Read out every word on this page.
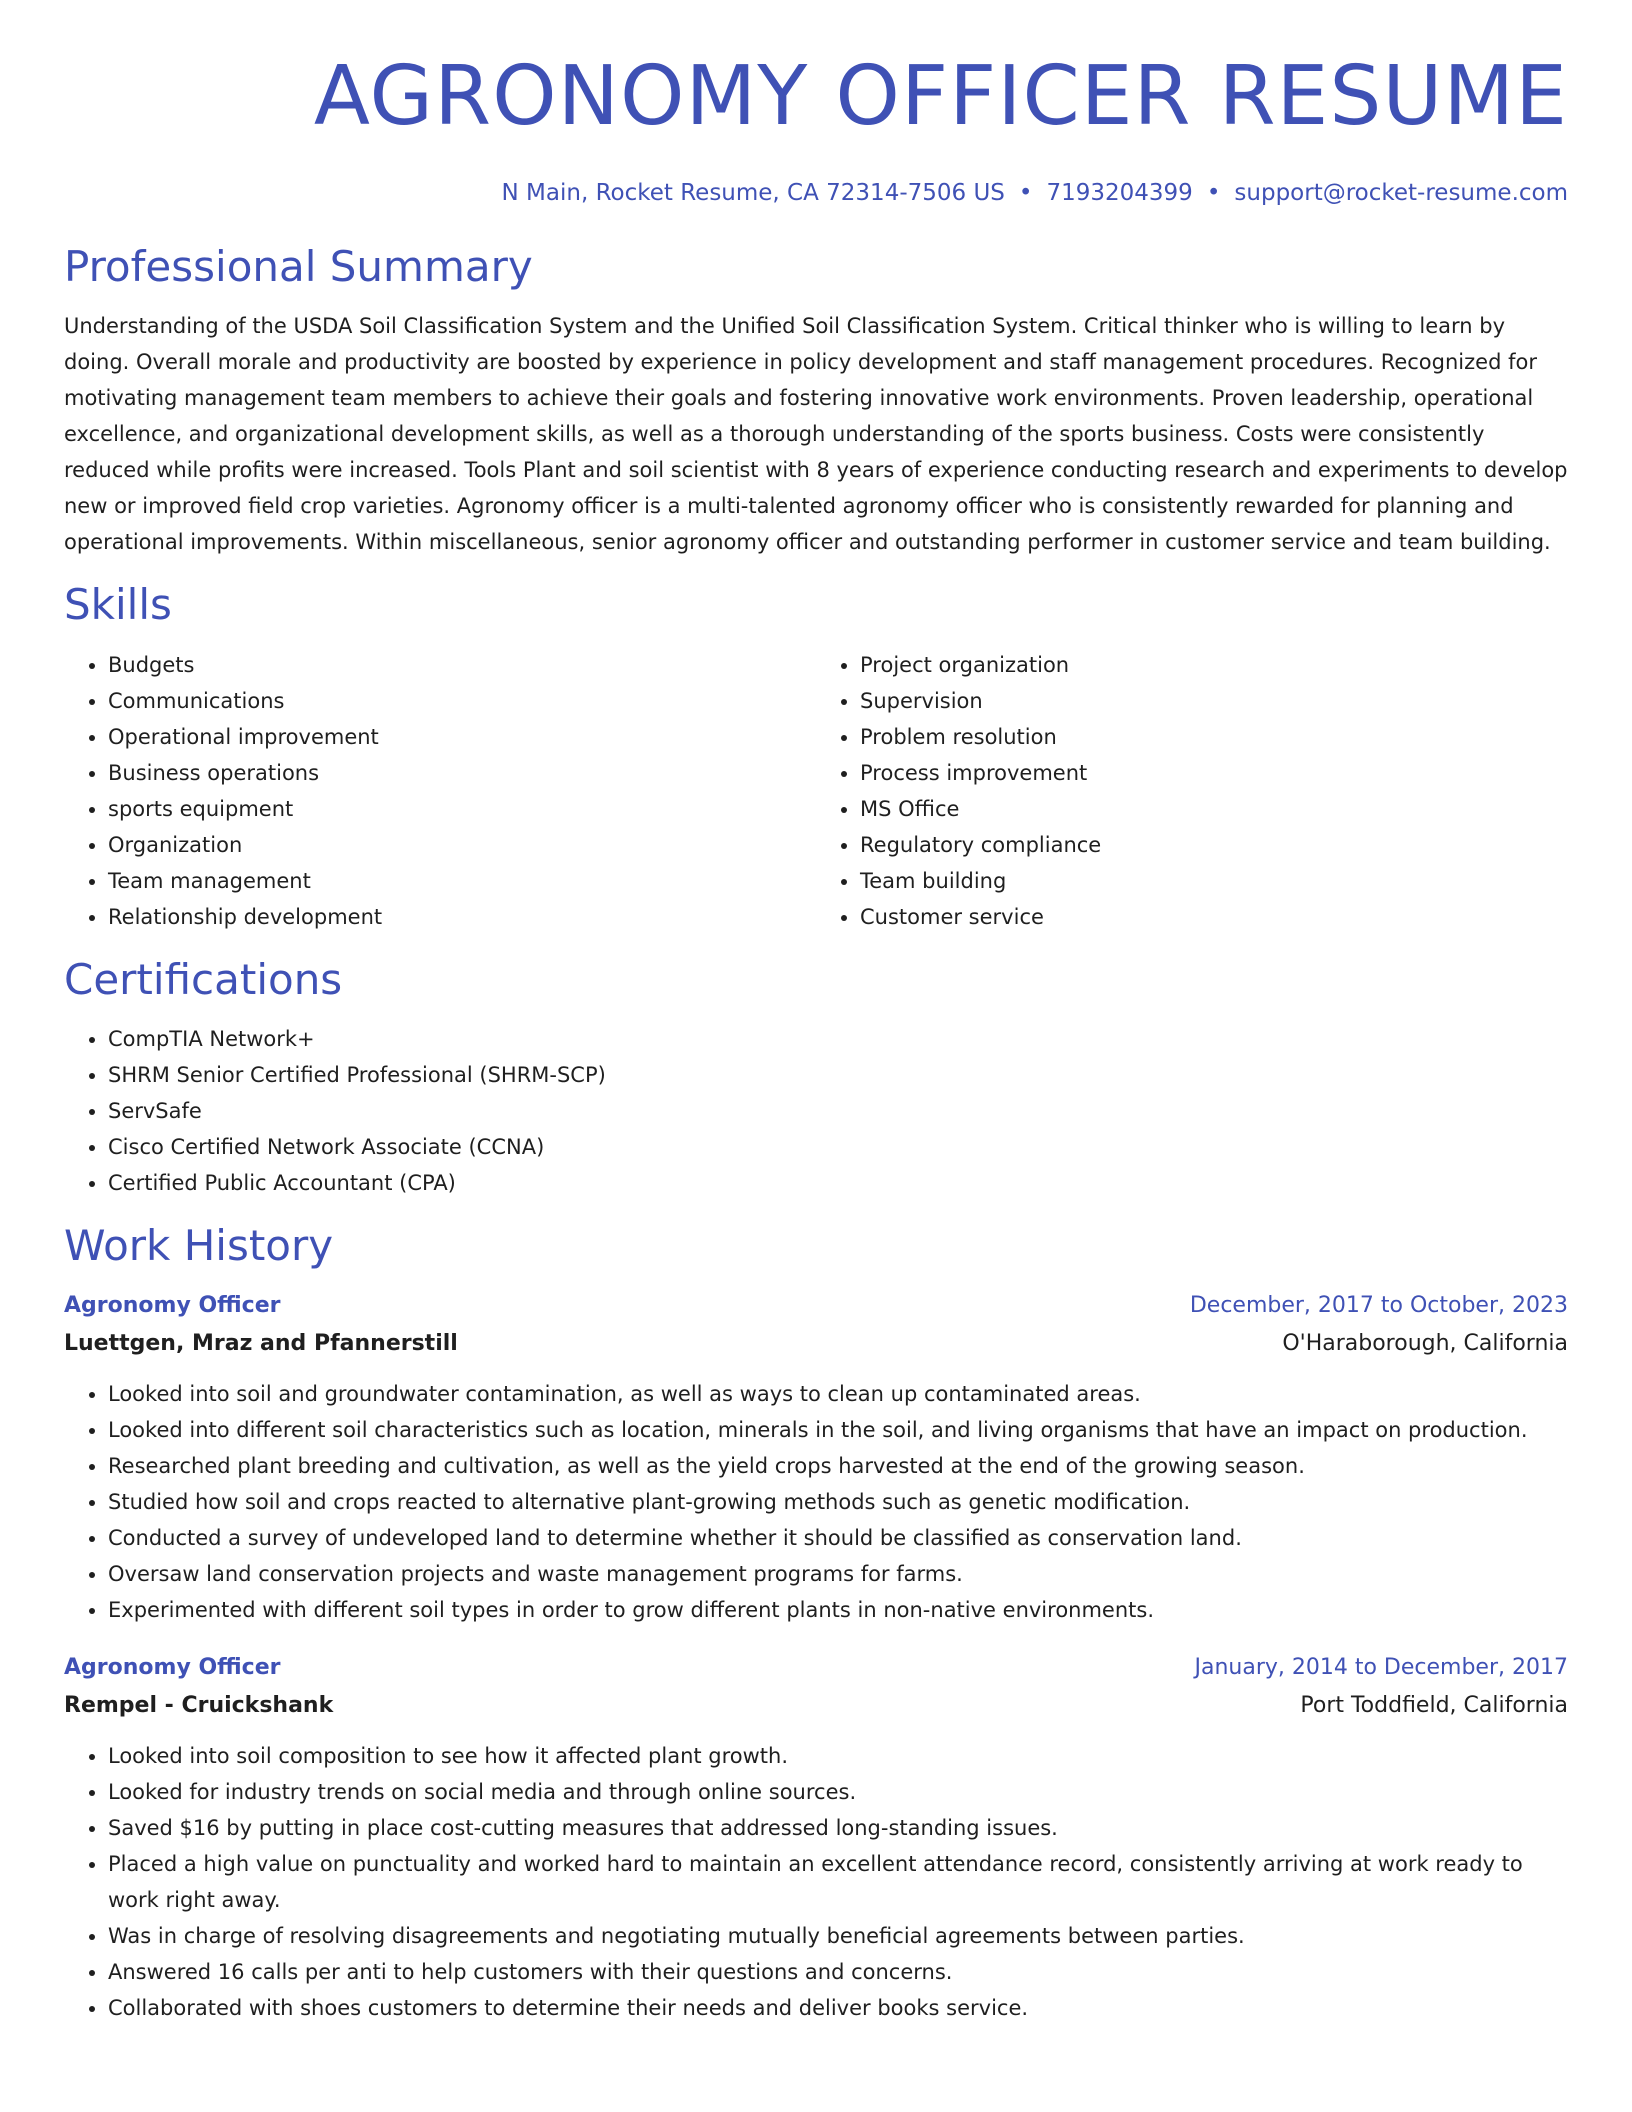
AGRONOMY OFFICER RESUME
N Main, Rocket Resume, CA 72314-7506 US • 7193204399 • support@rocket-resume.com
Professional Summary

Understanding of the USDA Soil Classification System and the Unified Soil Classification System. Critical thinker who is willing to learn by doing. Overall morale and productivity are boosted by experience in policy development and staff management procedures. Recognized for motivating management team members to achieve their goals and fostering innovative work environments. Proven leadership, operational excellence, and organizational development skills, as well as a thorough understanding of the sports business. Costs were consistently reduced while profits were increased. Tools Plant and soil scientist with 8 years of experience conducting research and experiments to develop new or improved field crop varieties. Agronomy officer is a multi-talented agronomy officer who is consistently rewarded for planning and operational improvements. Within miscellaneous, senior agronomy officer and outstanding performer in customer service and team building.

Skills
• Budgets
• Communications
• Operational improvement
• Business operations
• sports equipment
• Organization
• Team management
• Relationship development
• Project organization
• Supervision
• Problem resolution
• Process improvement
• MS Office
• Regulatory compliance
• Team building
• Customer service
Certifications
• CompTIA Network+
• SHRM Senior Certified Professional (SHRM-SCP)
• ServSafe
• Cisco Certified Network Associate (CCNA)
• Certified Public Accountant (CPA)
Work History
Agronomy Officer	December, 2017 to October, 2023
Luettgen, Mraz and Pfannerstill	O'Haraborough, California
• Looked into soil and groundwater contamination, as well as ways to clean up contaminated areas.
• Looked into different soil characteristics such as location, minerals in the soil, and living organisms that have an impact on production.
• Researched plant breeding and cultivation, as well as the yield crops harvested at the end of the growing season.
• Studied how soil and crops reacted to alternative plant-growing methods such as genetic modification.
• Conducted a survey of undeveloped land to determine whether it should be classified as conservation land.
• Oversaw land conservation projects and waste management programs for farms.
• Experimented with different soil types in order to grow different plants in non-native environments.
Agronomy Officer	January, 2014 to December, 2017
Rempel - Cruickshank	Port Toddfield, California
• Looked into soil composition to see how it affected plant growth.
• Looked for industry trends on social media and through online sources.
• Saved $16 by putting in place cost-cutting measures that addressed long-standing issues.
• Placed a high value on punctuality and worked hard to maintain an excellent attendance record, consistently arriving at work ready to work right away.
• Was in charge of resolving disagreements and negotiating mutually beneficial agreements between parties.
• Answered 16 calls per anti to help customers with their questions and concerns.
• Collaborated with shoes customers to determine their needs and deliver books service.
